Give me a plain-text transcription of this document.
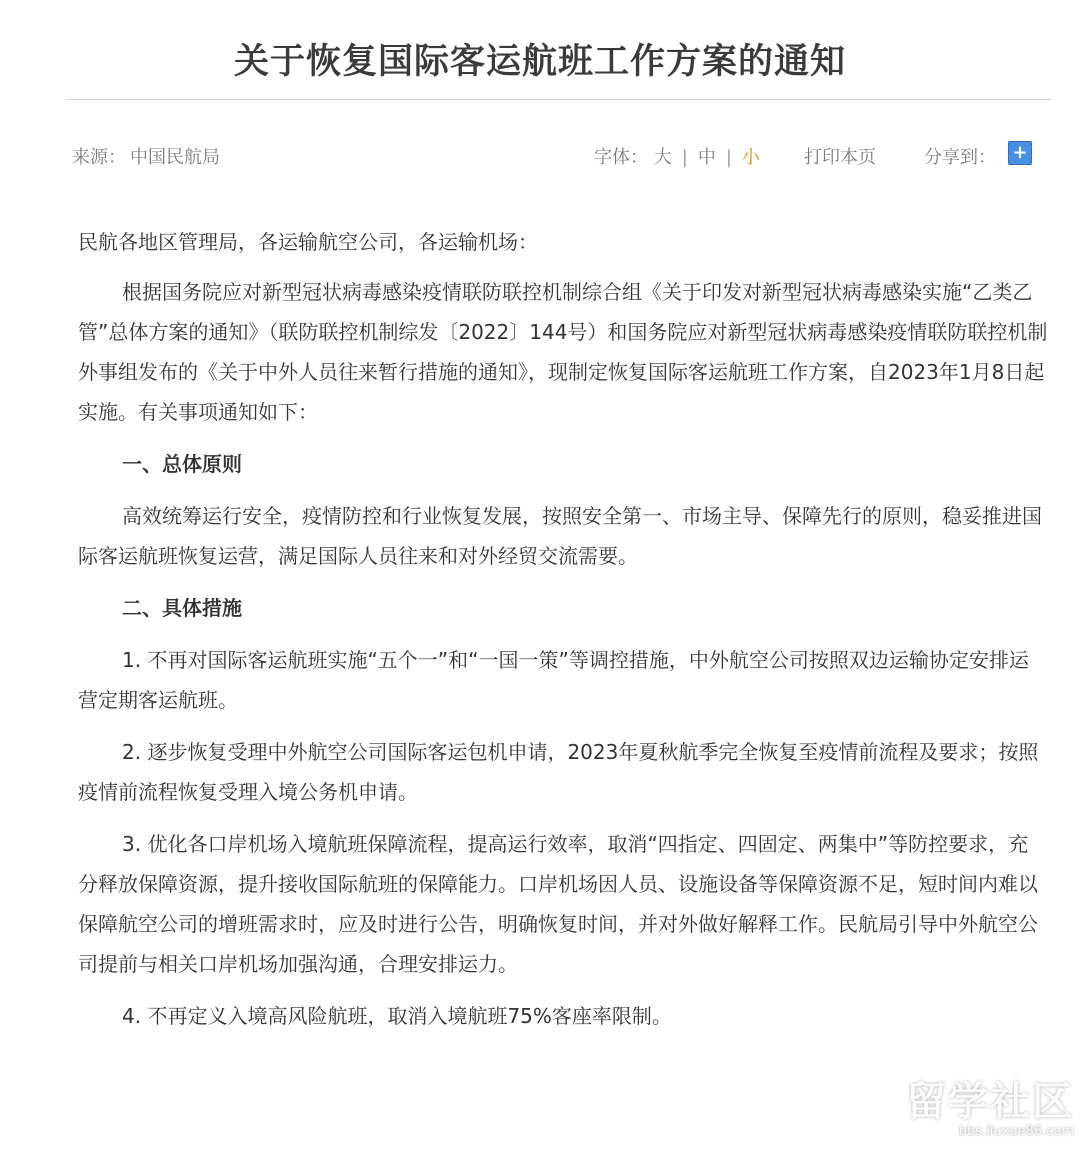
关于恢复国际客运航班工作方案的通知
来源： 中国民航局	字体： 大 | 中 | 小 打印本页	分享到： +

民航各地区管理局，各运输航空公司，各运输机场：

根据国务院应对新型冠状病毒感染疫情联防联控机制综合组《关于印发对新型冠状病毒感染实施“乙类乙管”总体方案的通知》（联防联控机制综发〔2022〕144号）和国务院应对新型冠状病毒感染疫情联防联控机制外事组发布的《关于中外人员往来暂行措施的通知》，现制定恢复国际客运航班工作方案，自2023年1月8日起实施。有关事项通知如下：

一、总体原则

高效统筹运行安全，疫情防控和行业恢复发展，按照安全第一、市场主导、保障先行的原则，稳妥推进国际客运航班恢复运营，满足国际人员往来和对外经贸交流需要。

二、具体措施

1. 不再对国际客运航班实施“五个一”和“一国一策”等调控措施，中外航空公司按照双边运输协定安排运营定期客运航班。

2. 逐步恢复受理中外航空公司国际客运包机申请，2023年夏秋航季完全恢复至疫情前流程及要求；按照疫情前流程恢复受理入境公务机申请。

3. 优化各口岸机场入境航班保障流程，提高运行效率，取消“四指定、四固定、两集中”等防控要求，充分释放保障资源，提升接收国际航班的保障能力。口岸机场因人员、设施设备等保障资源不足，短时间内难以保障航空公司的增班需求时，应及时进行公告，明确恢复时间，并对外做好解释工作。民航局引导中外航空公司提前与相关口岸机场加强沟通，合理安排运力。

4. 不再定义入境高风险航班，取消入境航班75%客座率限制。

留学社区
bbs.liuxue86.com
